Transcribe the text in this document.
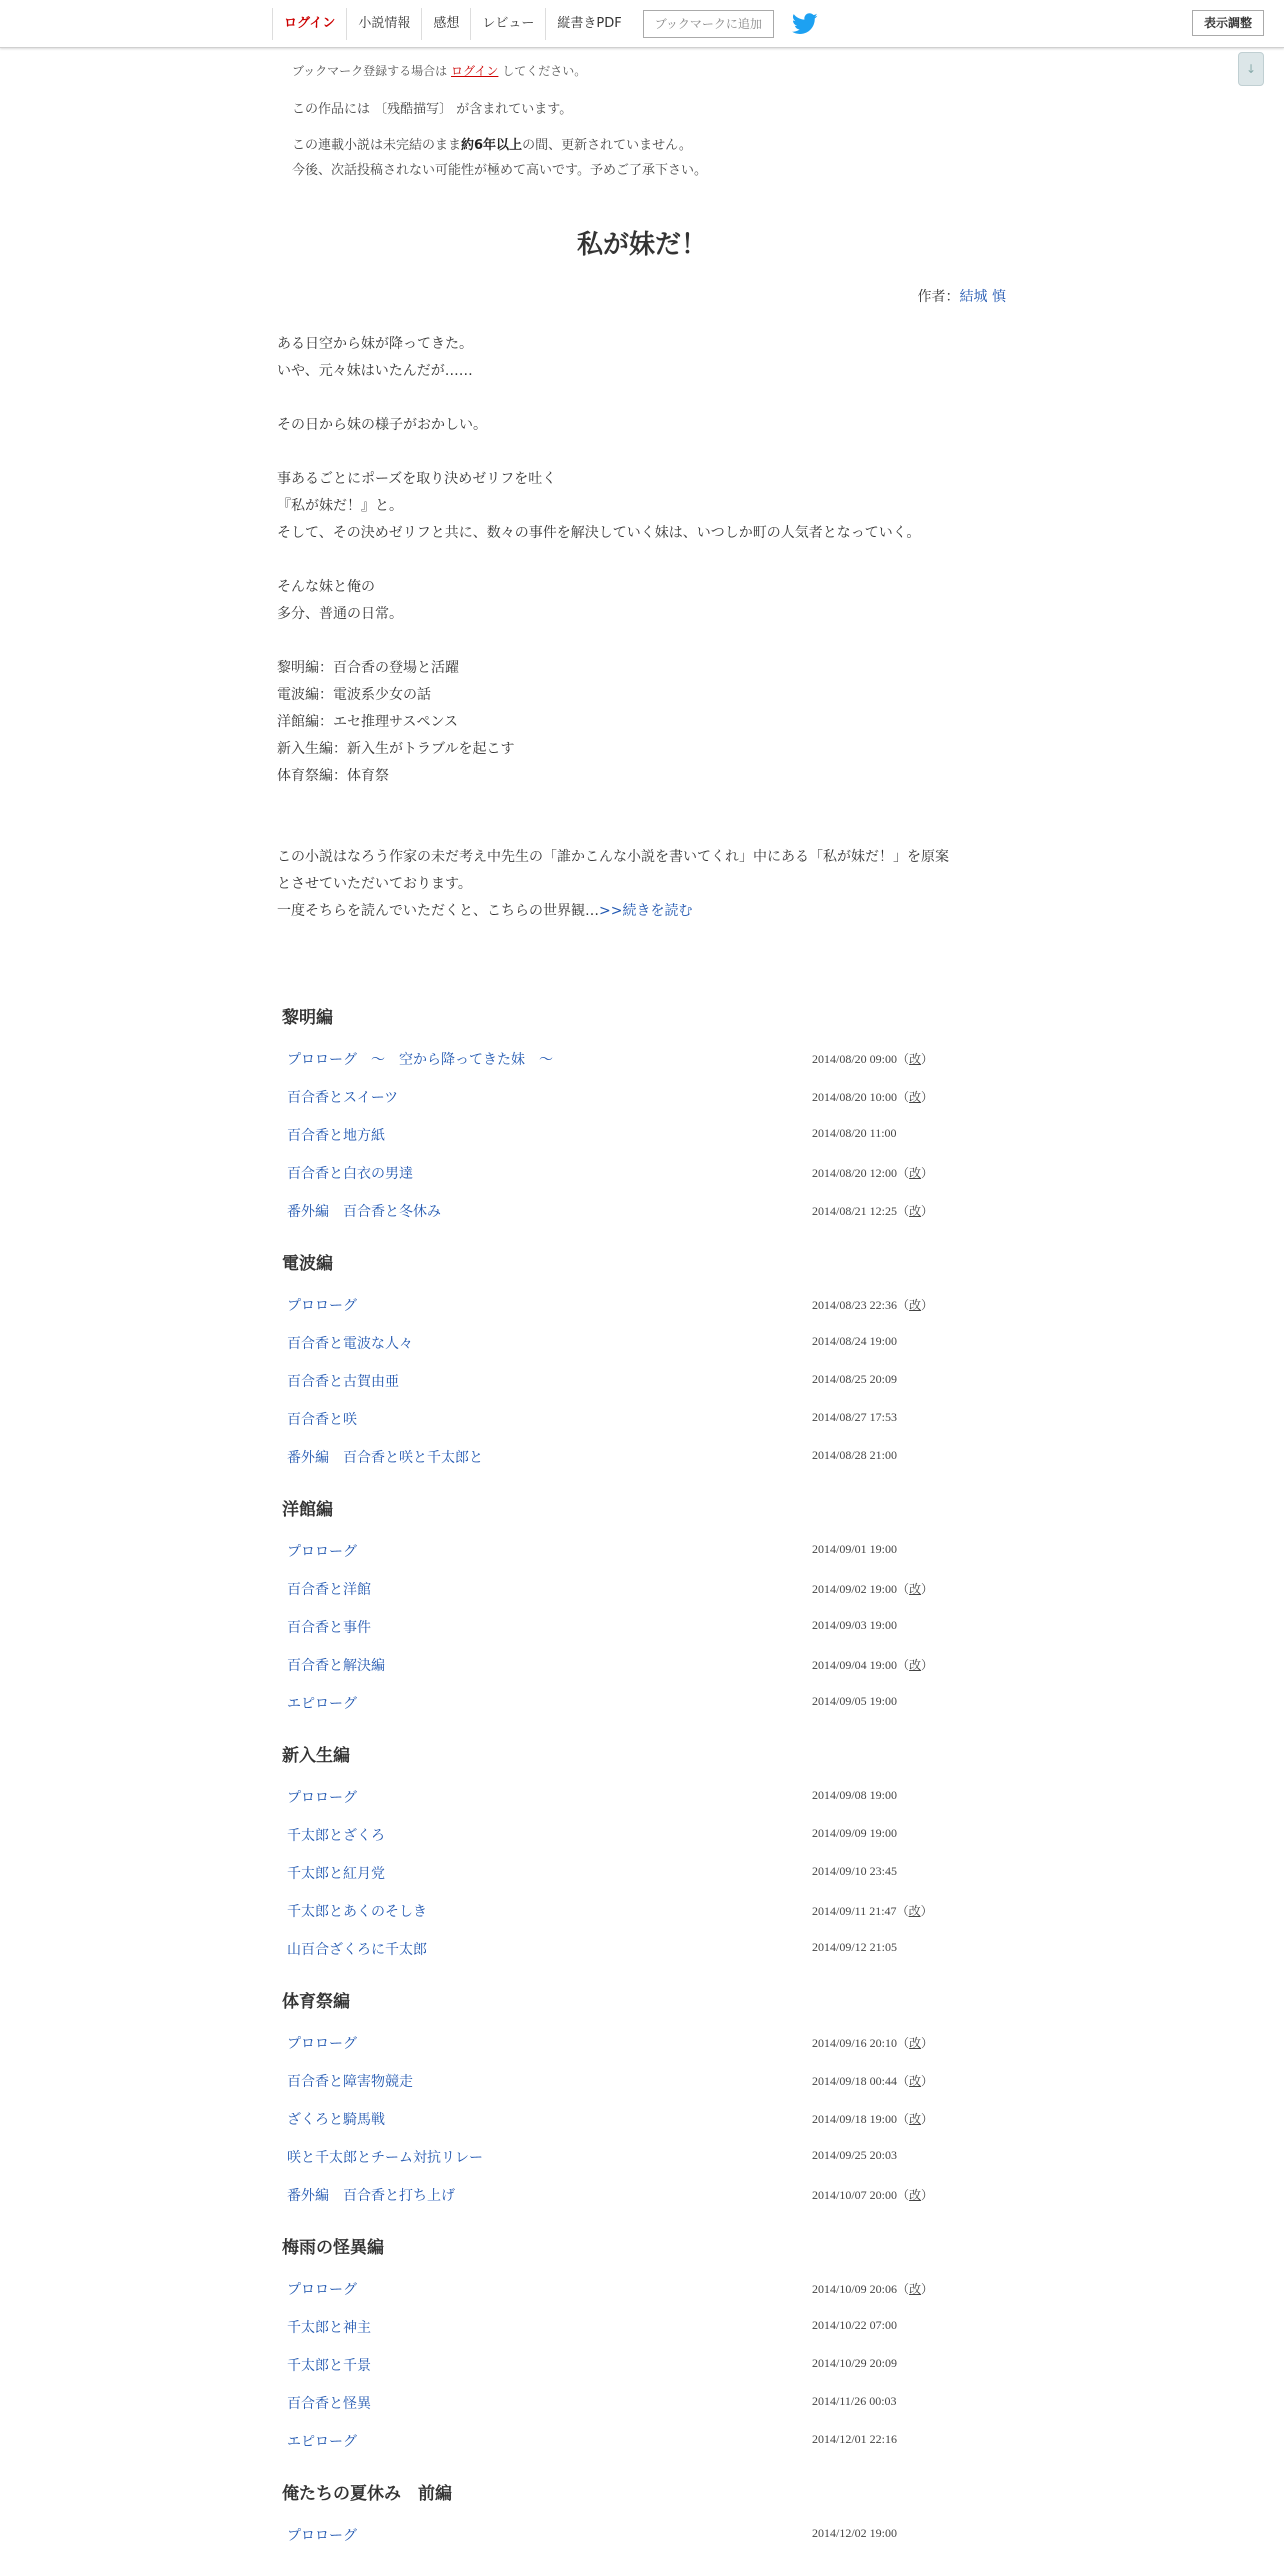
ログイン	小説情報	感想	レビュー	縦書きPDF	ブックマークに追加	表示調整
↓
ブックマーク登録する場合は ログイン してください。
この作品には 〔残酷描写〕 が含まれています。
この連載小説は未完結のまま約6年以上の間、更新されていません。
今後、次話投稿されない可能性が極めて高いです。予めご了承下さい。
私が妹だ！
作者：結城 慎
ある日空から妹が降ってきた。
いや、元々妹はいたんだが……
その日から妹の様子がおかしい。
事あるごとにポーズを取り決めゼリフを吐く
『私が妹だ！』と。
そして、その決めゼリフと共に、数々の事件を解決していく妹は、いつしか町の人気者となっていく。
そんな妹と俺の
多分、普通の日常。
黎明編：百合香の登場と活躍
電波編：電波系少女の話
洋館編：エセ推理サスペンス
新入生編：新入生がトラブルを起こす
体育祭編：体育祭
この小説はなろう作家の未だ考え中先生の「誰かこんな小説を書いてくれ」中にある「私が妹だ！」を原案
とさせていただいております。
一度そちらを読んでいただくと、こちらの世界観…>>続きを読む
黎明編
プロローグ　〜　空から降ってきた妹　〜	2014/08/20 09:00（改）
百合香とスイーツ	2014/08/20 10:00（改）
百合香と地方紙	2014/08/20 11:00
百合香と白衣の男達	2014/08/20 12:00（改）
番外編　百合香と冬休み	2014/08/21 12:25（改）
電波編
プロローグ	2014/08/23 22:36（改）
百合香と電波な人々	2014/08/24 19:00
百合香と古賀由亜	2014/08/25 20:09
百合香と咲	2014/08/27 17:53
番外編　百合香と咲と千太郎と	2014/08/28 21:00
洋館編
プロローグ	2014/09/01 19:00
百合香と洋館	2014/09/02 19:00（改）
百合香と事件	2014/09/03 19:00
百合香と解決編	2014/09/04 19:00（改）
エピローグ	2014/09/05 19:00
新入生編
プロローグ	2014/09/08 19:00
千太郎とざくろ	2014/09/09 19:00
千太郎と紅月党	2014/09/10 23:45
千太郎とあくのそしき	2014/09/11 21:47（改）
山百合ざくろに千太郎	2014/09/12 21:05
体育祭編
プロローグ	2014/09/16 20:10（改）
百合香と障害物競走	2014/09/18 00:44（改）
ざくろと騎馬戦	2014/09/18 19:00（改）
咲と千太郎とチーム対抗リレー	2014/09/25 20:03
番外編　百合香と打ち上げ	2014/10/07 20:00（改）
梅雨の怪異編
プロローグ	2014/10/09 20:06（改）
千太郎と神主	2014/10/22 07:00
千太郎と千景	2014/10/29 20:09
百合香と怪異	2014/11/26 00:03
エピローグ	2014/12/01 22:16
俺たちの夏休み　前編
プロローグ	2014/12/02 19:00
